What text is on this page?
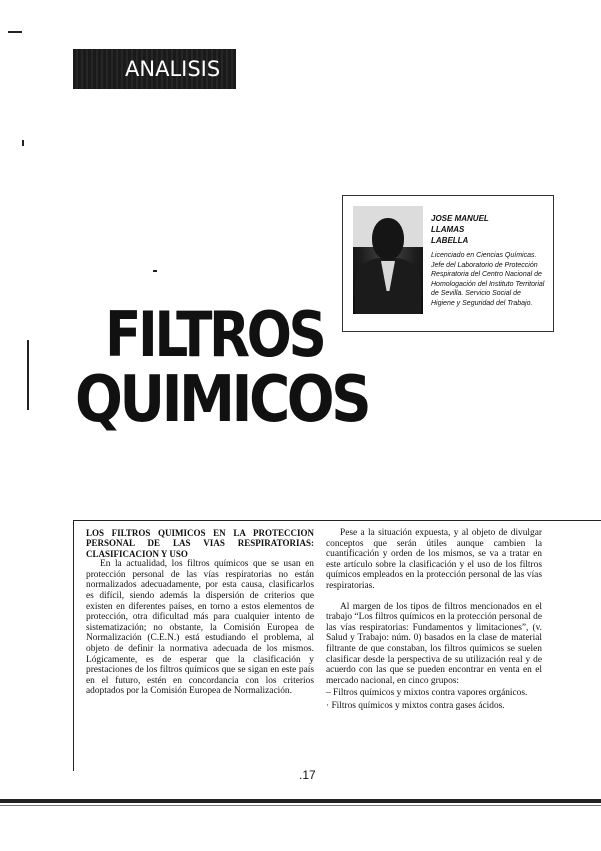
ANALISIS
JOSE MANUEL
LLAMAS
LABELLA
Licenciado en Ciencias Químicas. Jefe del Laboratorio de Protección Respiratoria del Centro Nacional de Homologación del Instituto Territorial de Sevilla. Servicio Social de Higiene y Seguridad del Trabajo.
FILTROS
QUIMICOS

LOS FILTROS QUIMICOS EN LA PROTECCION PERSONAL DE LAS VIAS RESPIRATORIAS: CLASIFICACION Y USO

En la actualidad, los filtros químicos que se usan en protección personal de las vías respiratorias no están normalizados adecuadamente, por esta causa, clasificarlos es difícil, siendo además la dispersión de criterios que existen en diferentes países, en torno a estos elementos de protección, otra dificultad más para cualquier intento de sistematización; no obstante, la Comisión Europea de Normalización (C.E.N.) está estudiando el problema, al objeto de definir la normativa adecuada de los mismos. Lógicamente, es de esperar que la clasificación y prestaciones de los filtros químicos que se sigan en este país en el futuro, estén en concordancia con los criterios adoptados por la Comisión Europea de Normalización.

Pese a la situación expuesta, y al objeto de divulgar conceptos que serán útiles aunque cambien la cuantificación y orden de los mismos, se va a tratar en este artículo sobre la clasificación y el uso de los filtros químicos empleados en la protección personal de las vías respiratorias.

Al margen de los tipos de filtros mencionados en el trabajo “Los filtros químicos en la protección personal de las vías respiratorias: Fundamentos y limitaciones”, (v. Salud y Trabajo: núm. 0) basados en la clase de material filtrante de que constaban, los filtros químicos se suelen clasificar desde la perspectiva de su utilización real y de acuerdo con las que se pueden encontrar en venta en el mercado nacional, en cinco grupos:

– Filtros químicos y mixtos contra vapores orgánicos.

· Filtros químicos y mixtos contra gases ácidos.

.17
